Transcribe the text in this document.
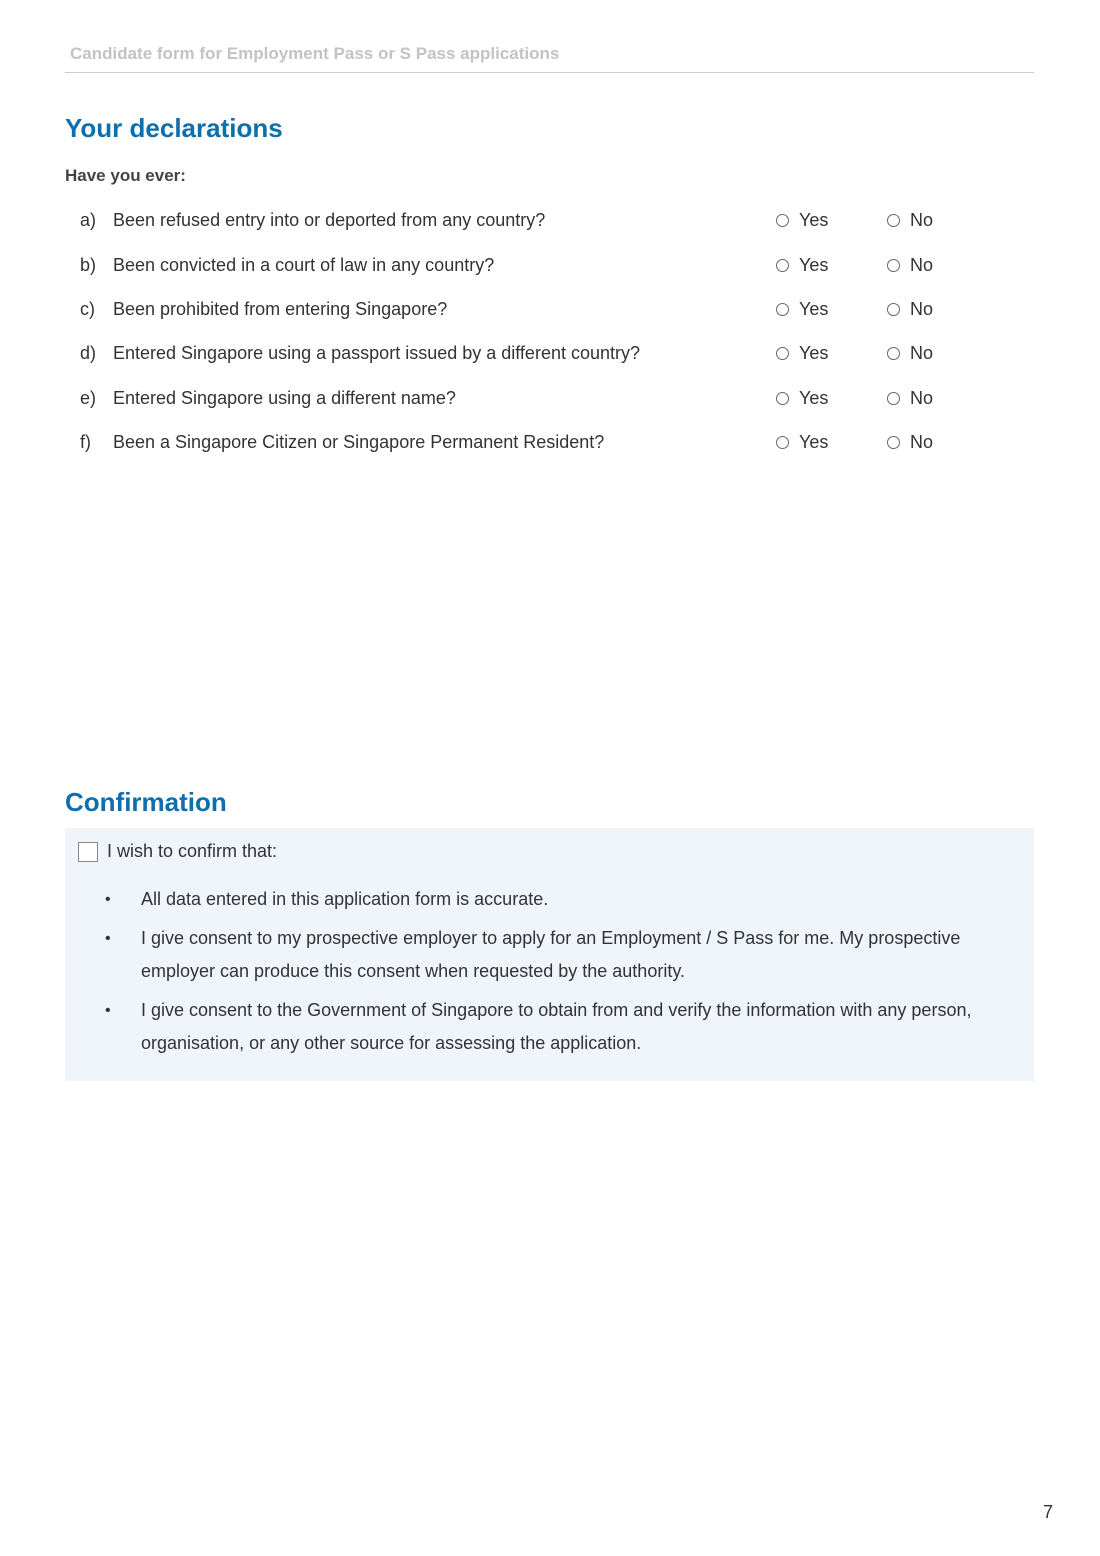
Candidate form for Employment Pass or S Pass applications
Your declarations
Have you ever:
a) Been refused entry into or deported from any country?	Yes	No
b) Been convicted in a court of law in any country?	Yes	No
c) Been prohibited from entering Singapore?	Yes	No
d) Entered Singapore using a passport issued by a different country?	Yes	No
e) Entered Singapore using a different name?	Yes	No
f) Been a Singapore Citizen or Singapore Permanent Resident?	Yes	No
Confirmation
I wish to confirm that:
• All data entered in this application form is accurate.
• I give consent to my prospective employer to apply for an Employment / S Pass for me. My prospective employer can produce this consent when requested by the authority.
• I give consent to the Government of Singapore to obtain from and verify the information with any person, organisation, or any other source for assessing the application.
7
